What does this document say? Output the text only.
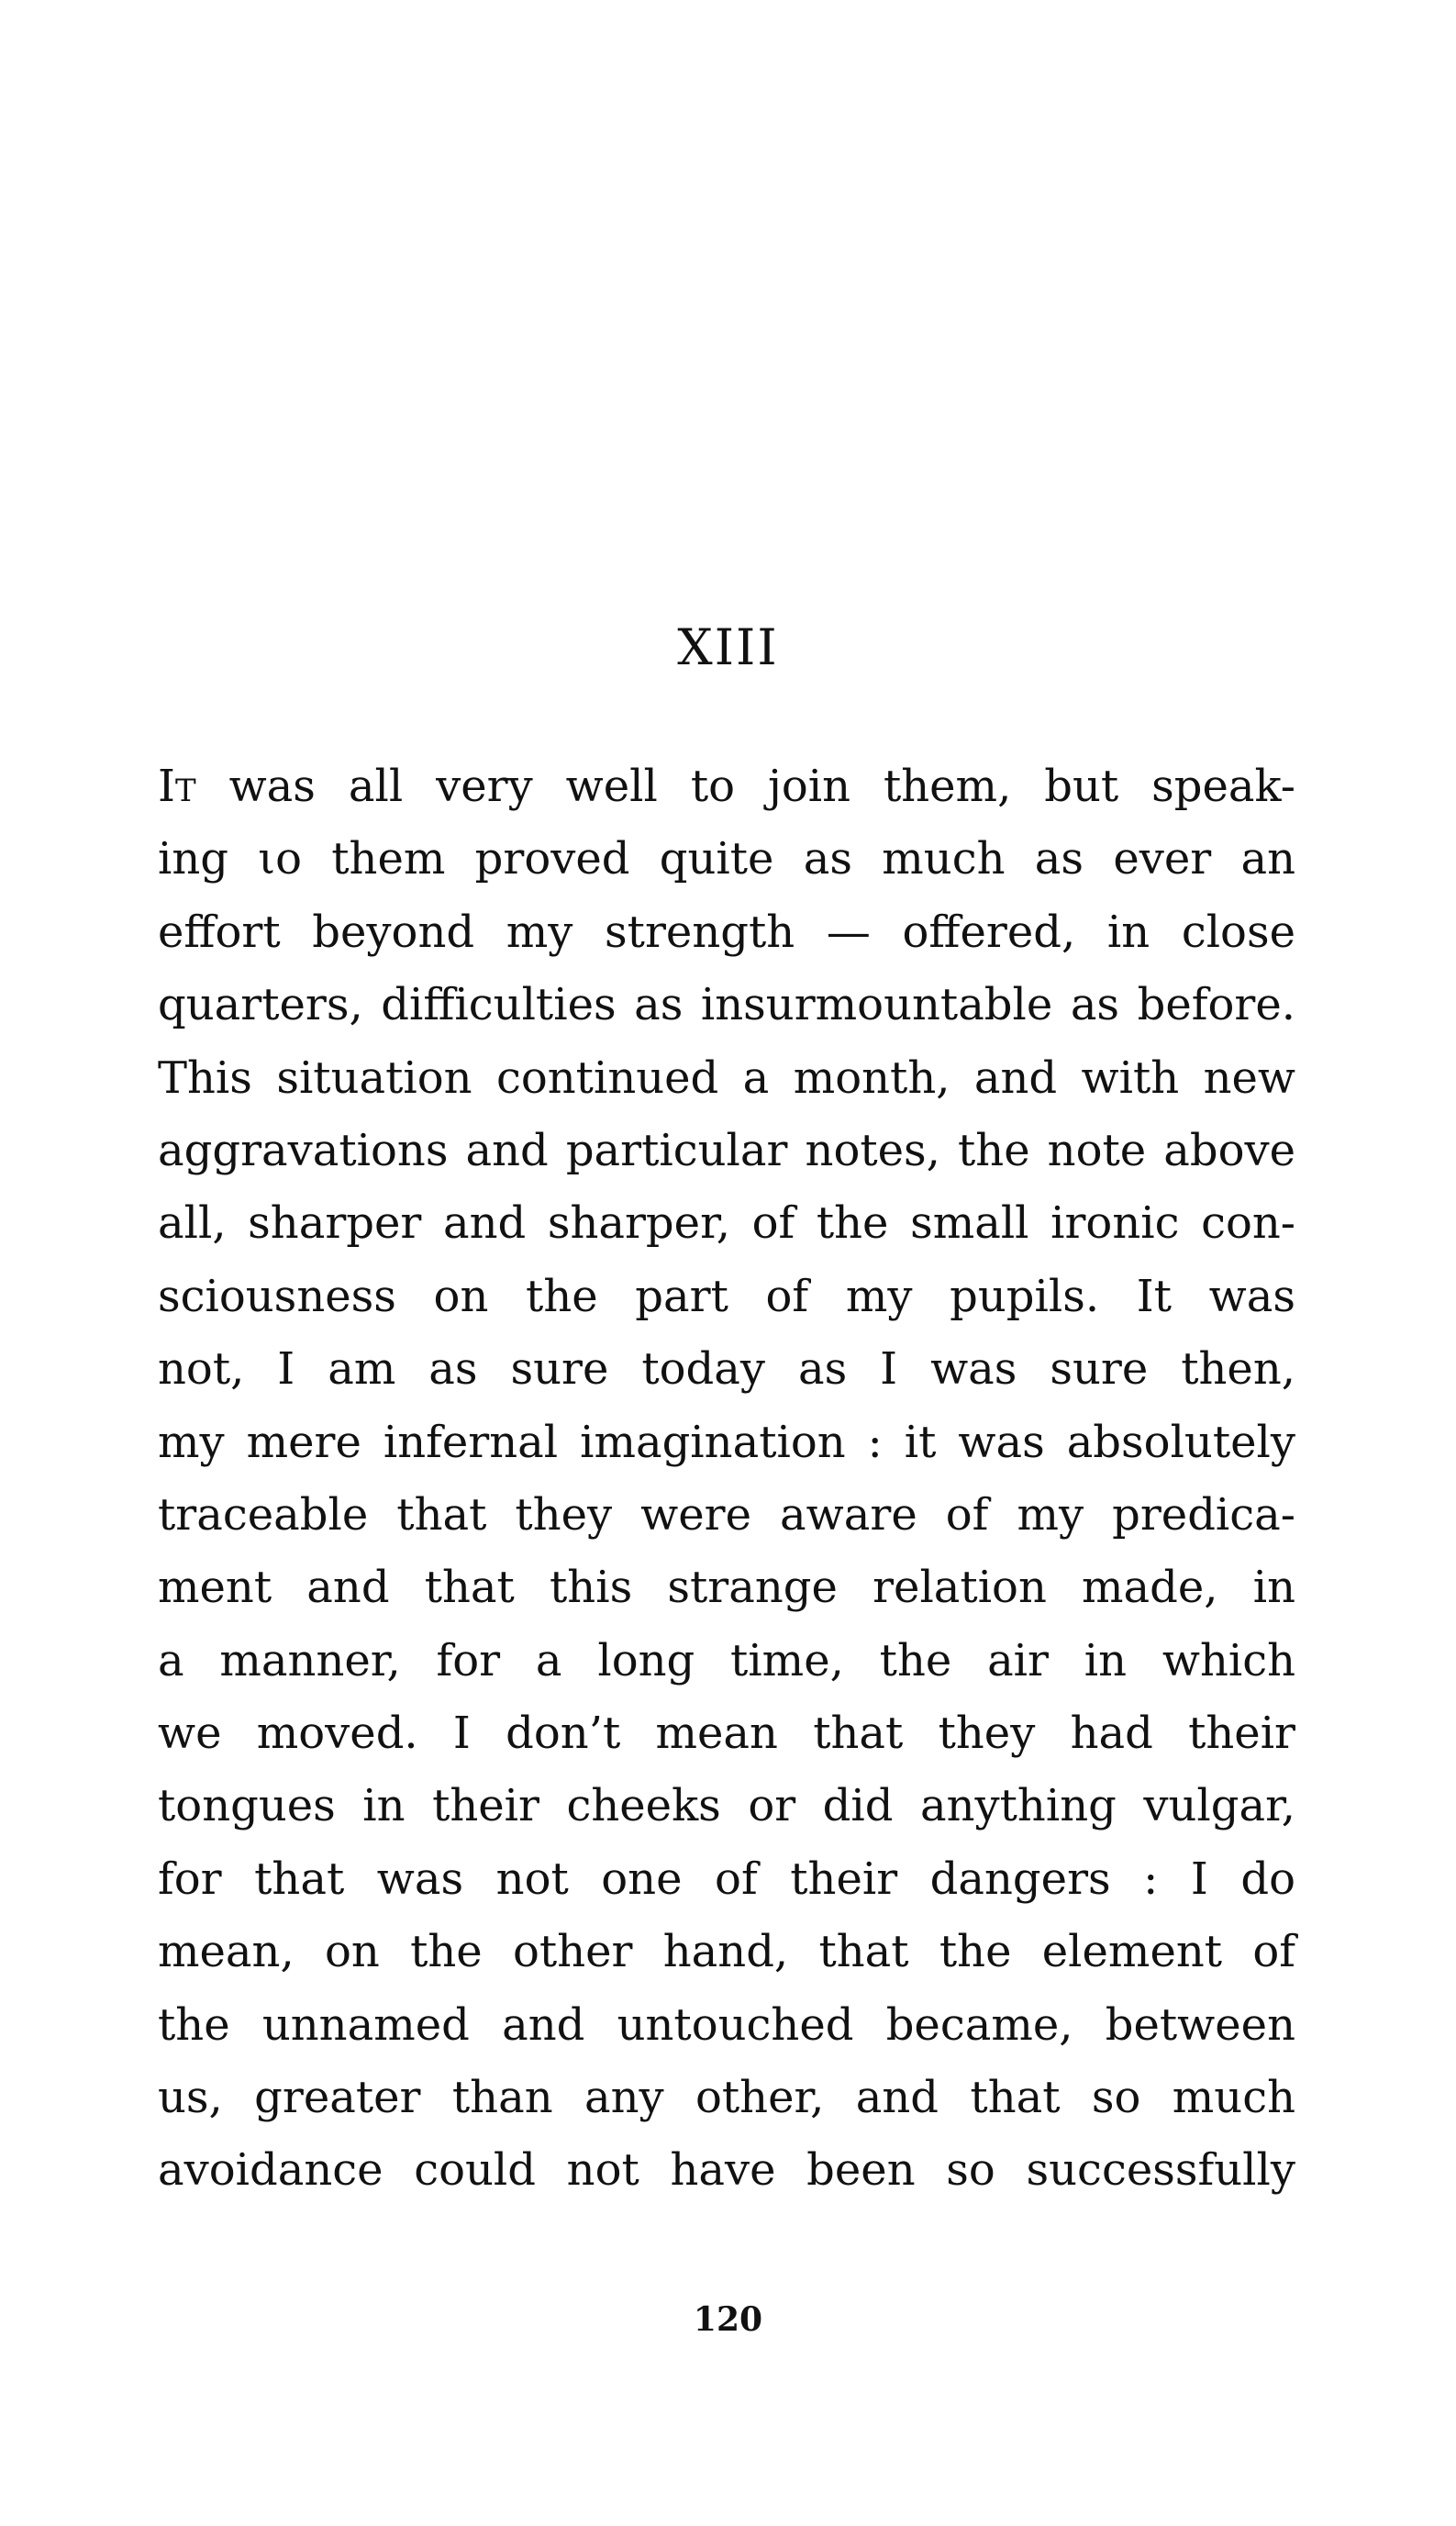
XIII
It was all very well to join them, but speak-
ing ιο them proved quite as much as ever an
effort beyond my strength — offered, in close
quarters, difficulties as insurmountable as before.
This situation continued a month, and with new
aggravations and particular notes, the note above
all, sharper and sharper, of the small ironic con-
sciousness on the part of my pupils. It was
not, I am as sure today as I was sure then,
my mere infernal imagination : it was absolutely
traceable that they were aware of my predica-
ment and that this strange relation made, in
a manner, for a long time, the air in which
we moved. I don’t mean that they had their
tongues in their cheeks or did anything vulgar,
for that was not one of their dangers : I do
mean, on the other hand, that the element of
the unnamed and untouched became, between
us, greater than any other, and that so much
avoidance could not have been so successfully
120
